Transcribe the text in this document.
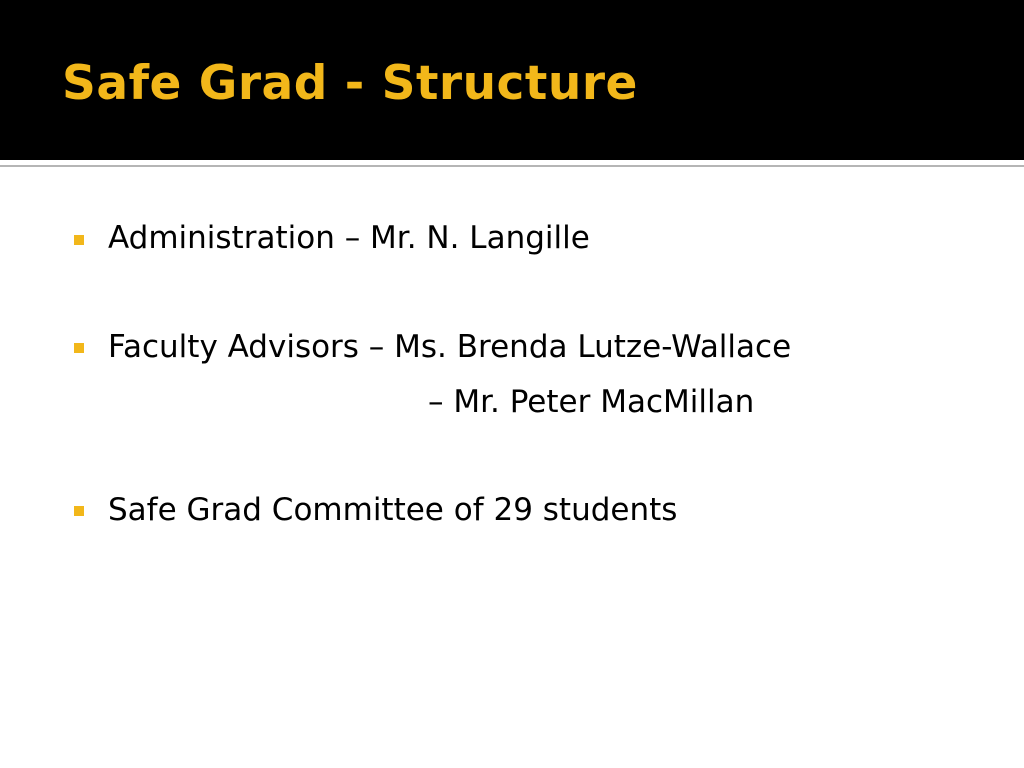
Safe Grad - Structure
Administration – Mr. N. Langille
Faculty Advisors – Ms. Brenda Lutze-Wallace
– Mr. Peter MacMillan
Safe Grad Committee of 29 students
